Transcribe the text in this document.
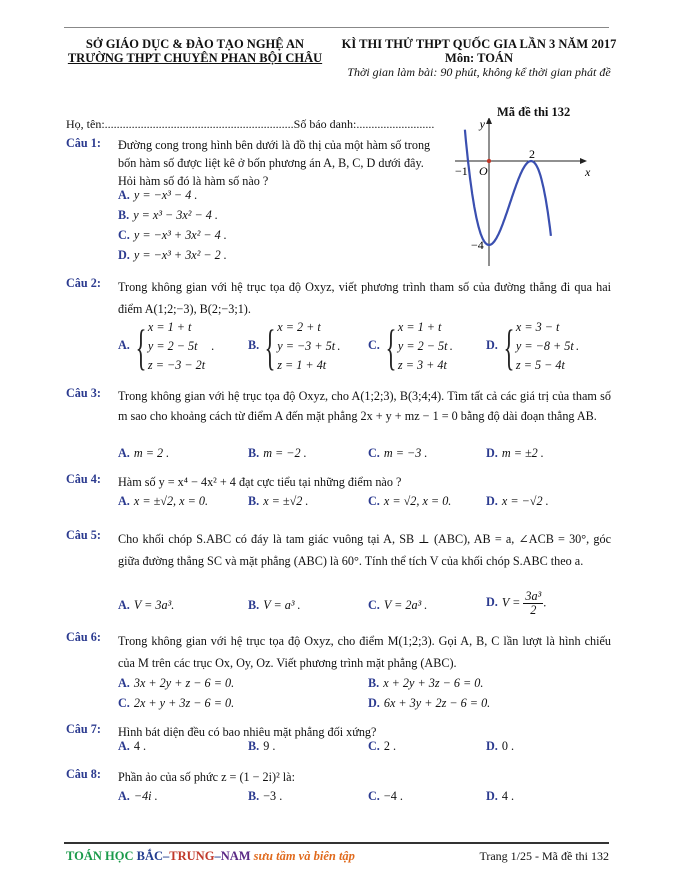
SỞ GIÁO DỤC & ĐÀO TẠO NGHỆ AN
TRƯỜNG THPT CHUYÊN PHAN BỘI CHÂU
KÌ THI THỬ THPT QUỐC GIA LẦN 3 NĂM 2017
Môn: TOÁN
Thời gian làm bài: 90 phút, không kể thời gian phát đề
Mã đề thi 132
Họ, tên:...............................................................Số báo danh:..........................	y
x
O
−1
2
−4
Câu 1: Đường cong trong hình bên dưới là đồ thị của một hàm số trong bốn hàm số được liệt kê ở bốn phương án A, B, C, D dưới đây. Hỏi hàm số đó là hàm số nào ?
A. y = −x³ − 4 .
B. y = x³ − 3x² − 4 .
C. y = −x³ + 3x² − 4 .
D. y = −x³ + 3x² − 2 .
Câu 2: Trong không gian với hệ trục tọa độ Oxyz, viết phương trình tham số của đường thẳng đi qua hai điểm A(1;2;−3), B(2;−3;1).
A. { x = 1 + t
y = 2 − 5t
z = −3 − 2t
.	B. { x = 2 + t
y = −3 + 5t
z = 1 + 4t
. C. { x = 1 + t
y = 2 − 5t
z = 3 + 4t
.	D. { x = 3 − t
y = −8 + 5t
z = 5 − 4t
.
Câu 3: Trong không gian với hệ trục tọa độ Oxyz, cho A(1;2;3), B(3;4;4). Tìm tất cả các giá trị của tham số m sao cho khoảng cách từ điểm A đến mặt phẳng 2x + y + mz − 1 = 0 bằng độ dài đoạn thẳng AB.
A. m = 2 .	B. m = −2 .	C. m = −3 .	D. m = ±2 .
Câu 4: Hàm số y = x⁴ − 4x² + 4 đạt cực tiểu tại những điểm nào ?
A. x = ±√2, x = 0.	B. x = ±√2 .	C. x = √2, x = 0.	D. x = −√2 .
Câu 5: Cho khối chóp S.ABC có đáy là tam giác vuông tại A, SB ⊥ (ABC), AB = a, ∠ACB = 30°, góc giữa đường thẳng SC và mặt phẳng (ABC) là 60°. Tính thể tích V của khối chóp S.ABC theo a.
A. V = 3a³.	B. V = a³ .	C. V = 2a³ .	D. $V = \frac{\text{3a³}}{2}$ .
Câu 6: Trong không gian với hệ trục tọa độ Oxyz, cho điểm M(1;2;3). Gọi A, B, C lần lượt là hình chiếu của M trên các trục Ox, Oy, Oz. Viết phương trình mặt phẳng (ABC).
A. 3x + 2y + z − 6 = 0.	B. x + 2y + 3z − 6 = 0.
C. 2x + y + 3z − 6 = 0.	D. 6x + 3y + 2z − 6 = 0.
Câu 7: Hình bát diện đều có bao nhiêu mặt phẳng đối xứng?
A. 4 .	B. 9 .	C. 2 .	D. 0 .
Câu 8: Phần ảo của số phức z = (1 − 2i)² là:
A. −4i .	B. −3 .	C. −4 .	D. 4 .
TOÁN HỌC BẮC–TRUNG–NAM sưu tầm và biên tập	Trang 1/25 - Mã đề thi 132
